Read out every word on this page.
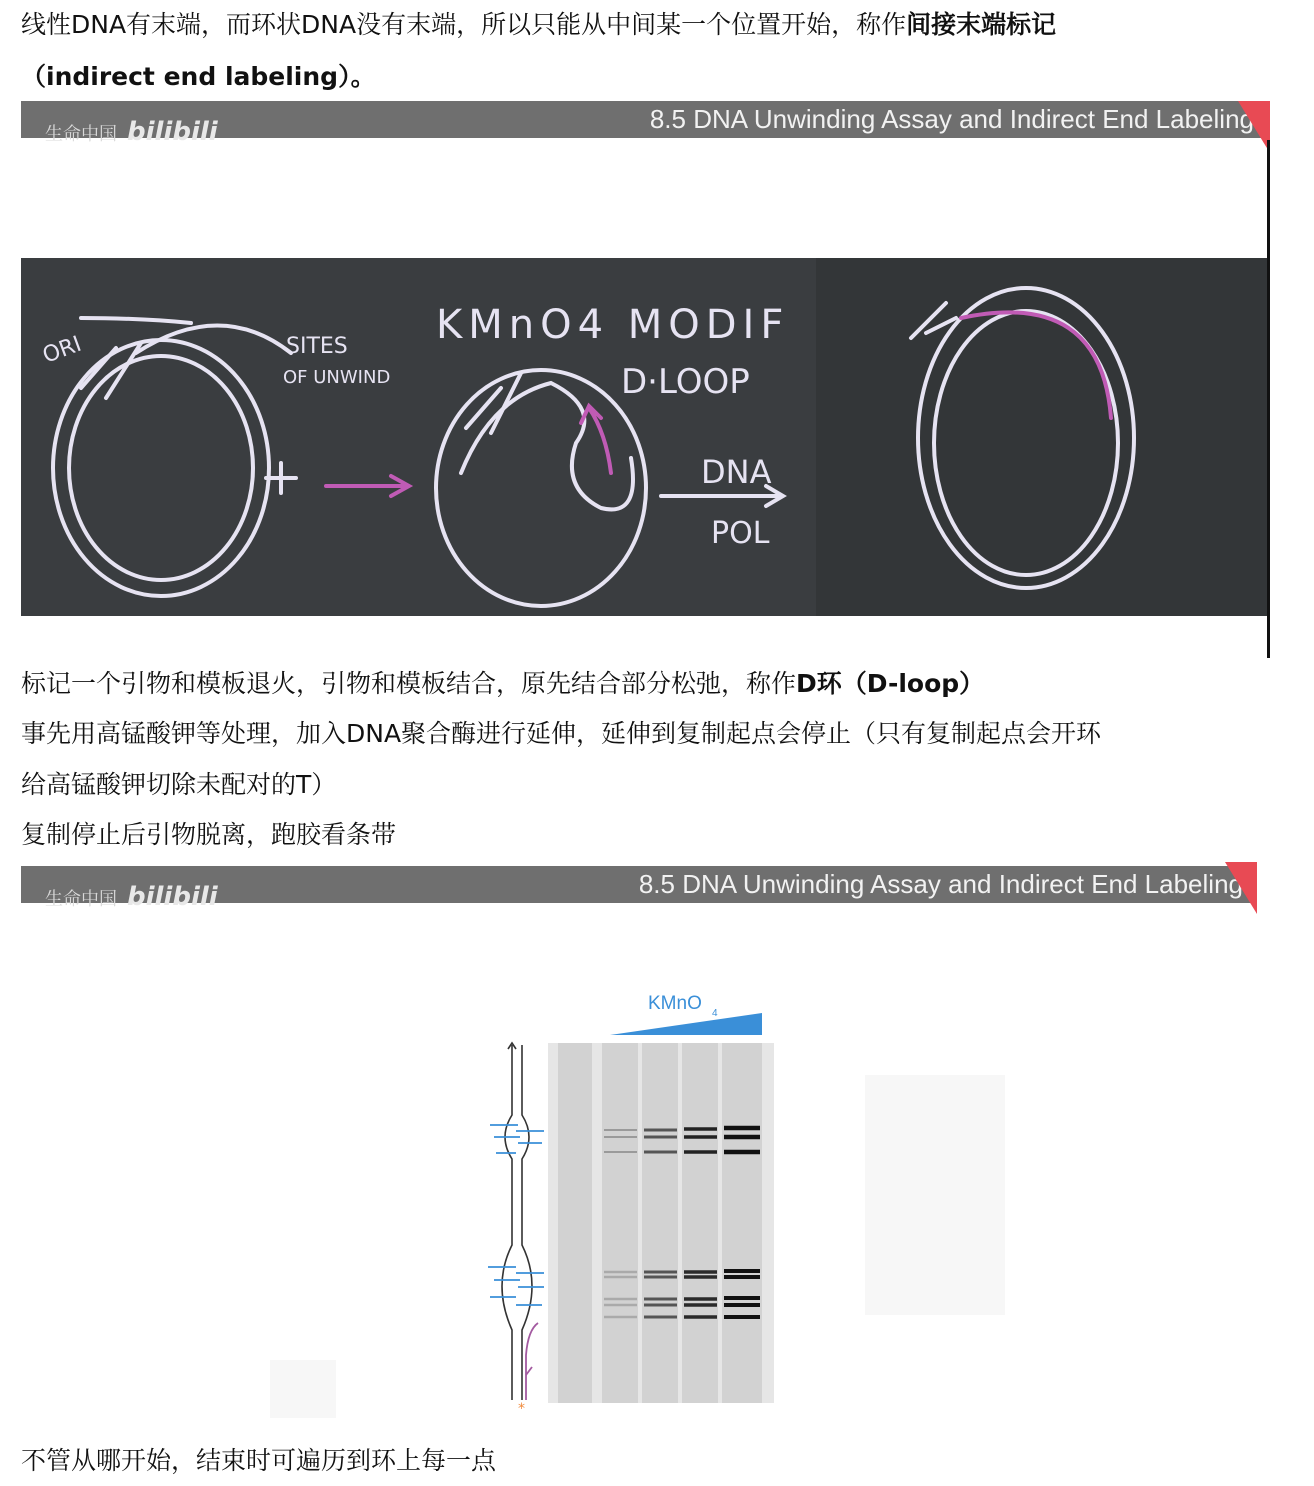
线性DNA有末端，而环状DNA没有末端，所以只能从中间某一个位置开始，称作间接末端标记
（indirect end labeling）。
生命中国 bilibili	8.5 DNA Unwinding Assay and Indirect End Labeling
ORI	SITES
OF UNWIND
KMnO4 MODIF
D·LOOP
DNA
POL
标记一个引物和模板退火，引物和模板结合，原先结合部分松弛，称作D环（D-loop）
事先用高锰酸钾等处理，加入DNA聚合酶进行延伸，延伸到复制起点会停止（只有复制起点会开环
给高锰酸钾切除未配对的T）
复制停止后引物脱离，跑胶看条带
生命中国 bilibili	8.5 DNA Unwinding Assay and Indirect End Labeling
KMnO 4
*
不管从哪开始，结束时可遍历到环上每一点
